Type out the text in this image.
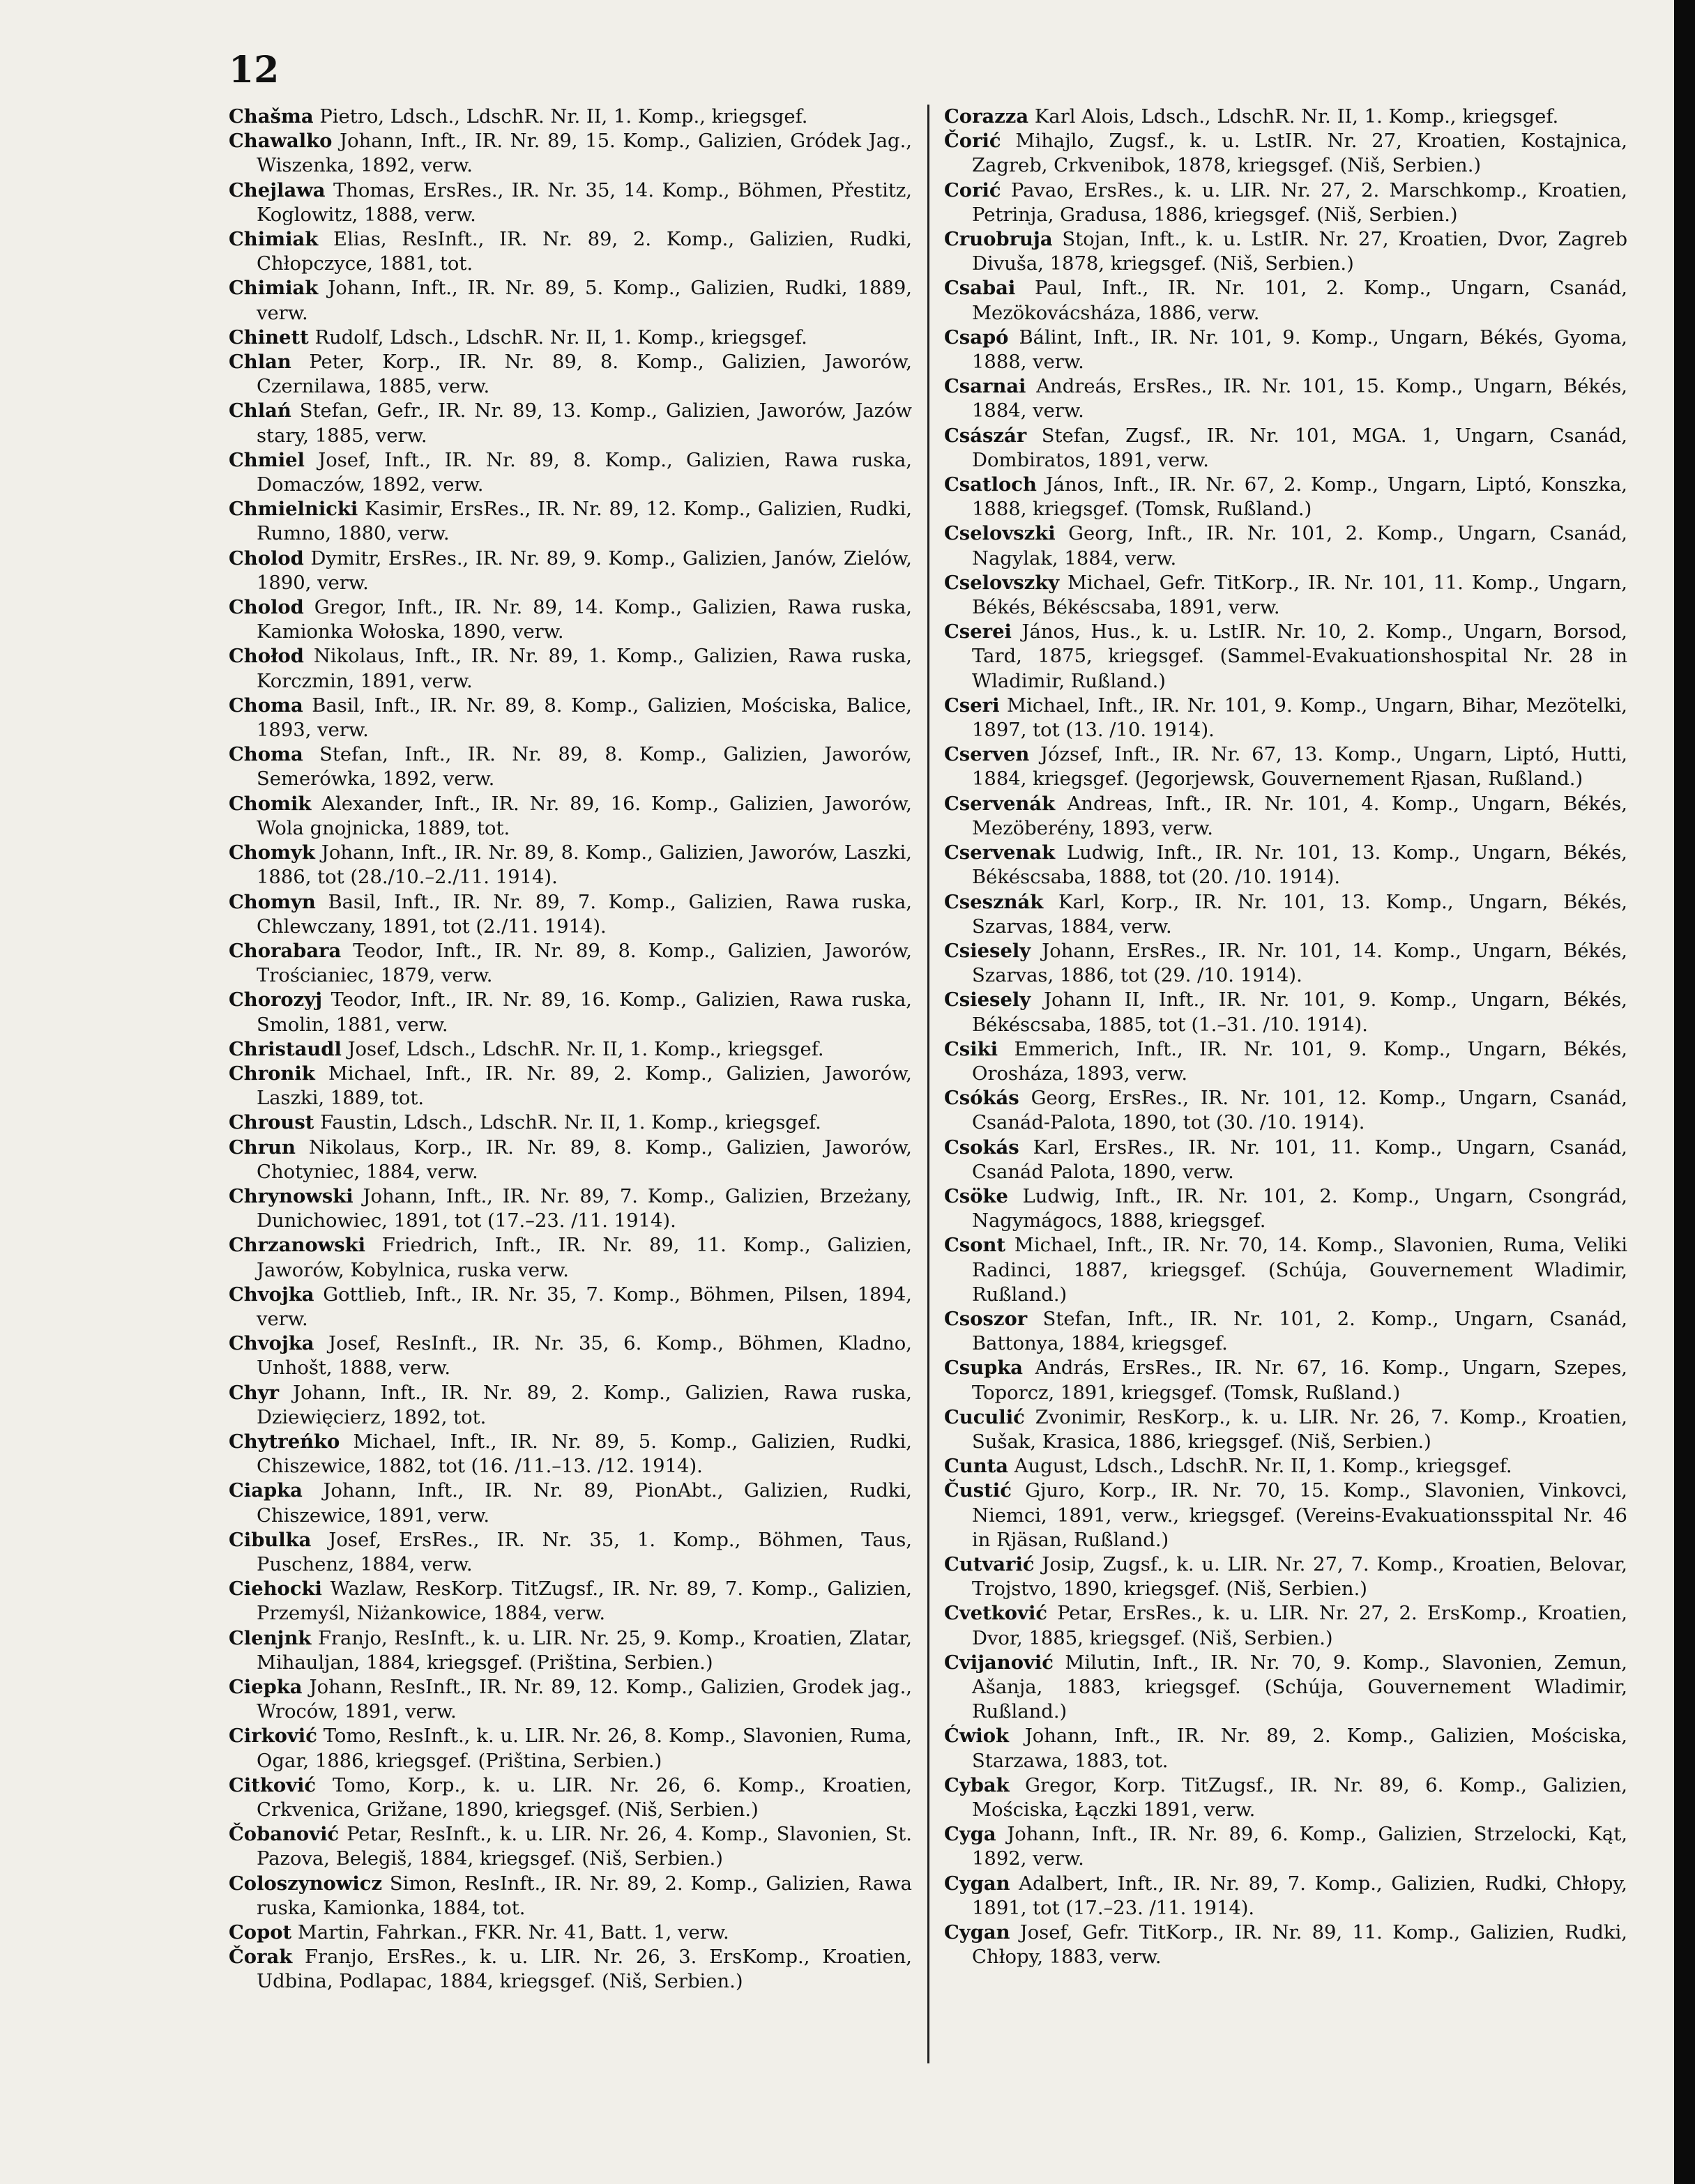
12
Chašma Pietro, Ldsch., LdschR. Nr. II, 1. Komp., kriegsgef.
Chawalko Johann, Inft., IR. Nr. 89, 15. Komp., Galizien, Gródek Jag., Wiszenka, 1892, verw.
Chejlawa Thomas, ErsRes., IR. Nr. 35, 14. Komp., Böhmen, Přestitz, Koglowitz, 1888, verw.
Chimiak Elias, ResInft., IR. Nr. 89, 2. Komp., Galizien, Rudki, Chłopczyce, 1881, tot.
Chimiak Johann, Inft., IR. Nr. 89, 5. Komp., Galizien, Rudki, 1889, verw.
Chinett Rudolf, Ldsch., LdschR. Nr. II, 1. Komp., kriegsgef.
Chlan Peter, Korp., IR. Nr. 89, 8. Komp., Galizien, Jaworów, Czernilawa, 1885, verw.
Chlań Stefan, Gefr., IR. Nr. 89, 13. Komp., Galizien, Jaworów, Jazów stary, 1885, verw.
Chmiel Josef, Inft., IR. Nr. 89, 8. Komp., Galizien, Rawa ruska, Domaczów, 1892, verw.
Chmielnicki Kasimir, ErsRes., IR. Nr. 89, 12. Komp., Galizien, Rudki, Rumno, 1880, verw.
Cholod Dymitr, ErsRes., IR. Nr. 89, 9. Komp., Galizien, Janów, Zielów, 1890, verw.
Cholod Gregor, Inft., IR. Nr. 89, 14. Komp., Galizien, Rawa ruska, Kamionka Wołoska, 1890, verw.
Chołod Nikolaus, Inft., IR. Nr. 89, 1. Komp., Galizien, Rawa ruska, Korczmin, 1891, verw.
Choma Basil, Inft., IR. Nr. 89, 8. Komp., Galizien, Mościska, Balice, 1893, verw.
Choma Stefan, Inft., IR. Nr. 89, 8. Komp., Galizien, Jaworów, Semerówka, 1892, verw.
Chomik Alexander, Inft., IR. Nr. 89, 16. Komp., Galizien, Jaworów, Wola gnojnicka, 1889, tot.
Chomyk Johann, Inft., IR. Nr. 89, 8. Komp., Galizien, Jaworów, Laszki, 1886, tot (28./10.–2./11. 1914).
Chomyn Basil, Inft., IR. Nr. 89, 7. Komp., Galizien, Rawa ruska, Chlewczany, 1891, tot (2./11. 1914).
Chorabara Teodor, Inft., IR. Nr. 89, 8. Komp., Galizien, Jaworów, Trościaniec, 1879, verw.
Chorozyj Teodor, Inft., IR. Nr. 89, 16. Komp., Galizien, Rawa ruska, Smolin, 1881, verw.
Christaudl Josef, Ldsch., LdschR. Nr. II, 1. Komp., kriegsgef.
Chronik Michael, Inft., IR. Nr. 89, 2. Komp., Galizien, Jaworów, Laszki, 1889, tot.
Chroust Faustin, Ldsch., LdschR. Nr. II, 1. Komp., kriegsgef.
Chrun Nikolaus, Korp., IR. Nr. 89, 8. Komp., Galizien, Jaworów, Chotyniec, 1884, verw.
Chrynowski Johann, Inft., IR. Nr. 89, 7. Komp., Galizien, Brzeżany, Dunichowiec, 1891, tot (17.–23. /11. 1914).
Chrzanowski Friedrich, Inft., IR. Nr. 89, 11. Komp., Galizien, Jaworów, Kobylnica, ruska verw.
Chvojka Gottlieb, Inft., IR. Nr. 35, 7. Komp., Böhmen, Pilsen, 1894, verw.
Chvojka Josef, ResInft., IR. Nr. 35, 6. Komp., Böhmen, Kladno, Unhošt, 1888, verw.
Chyr Johann, Inft., IR. Nr. 89, 2. Komp., Galizien, Rawa ruska, Dziewięcierz, 1892, tot.
Chytreńko Michael, Inft., IR. Nr. 89, 5. Komp., Galizien, Rudki, Chiszewice, 1882, tot (16. /11.–13. /12. 1914).
Ciapka Johann, Inft., IR. Nr. 89, PionAbt., Galizien, Rudki, Chiszewice, 1891, verw.
Cibulka Josef, ErsRes., IR. Nr. 35, 1. Komp., Böhmen, Taus, Puschenz, 1884, verw.
Ciehocki Wazlaw, ResKorp. TitZugsf., IR. Nr. 89, 7. Komp., Galizien, Przemyśl, Niżankowice, 1884, verw.
Clenjnk Franjo, ResInft., k. u. LIR. Nr. 25, 9. Komp., Kroatien, Zlatar, Mihauljan, 1884, kriegsgef. (Priština, Serbien.)
Ciepka Johann, ResInft., IR. Nr. 89, 12. Komp., Galizien, Grodek jag., Wroców, 1891, verw.
Cirković Tomo, ResInft., k. u. LIR. Nr. 26, 8. Komp., Slavonien, Ruma, Ogar, 1886, kriegsgef. (Priština, Serbien.)
Citković Tomo, Korp., k. u. LIR. Nr. 26, 6. Komp., Kroatien, Crkvenica, Grižane, 1890, kriegsgef. (Niš, Serbien.)
Čobanović Petar, ResInft., k. u. LIR. Nr. 26, 4. Komp., Slavonien, St. Pazova, Belegiš, 1884, kriegsgef. (Niš, Serbien.)
Coloszynowicz Simon, ResInft., IR. Nr. 89, 2. Komp., Galizien, Rawa ruska, Kamionka, 1884, tot.
Copot Martin, Fahrkan., FKR. Nr. 41, Batt. 1, verw.
Čorak Franjo, ErsRes., k. u. LIR. Nr. 26, 3. ErsKomp., Kroatien, Udbina, Podlapac, 1884, kriegsgef. (Niš, Serbien.)
Corazza Karl Alois, Ldsch., LdschR. Nr. II, 1. Komp., kriegsgef.
Čorić Mihajlo, Zugsf., k. u. LstIR. Nr. 27, Kroatien, Kostajnica, Zagreb, Crkvenibok, 1878, kriegsgef. (Niš, Serbien.)
Corić Pavao, ErsRes., k. u. LIR. Nr. 27, 2. Marschkomp., Kroatien, Petrinja, Gradusa, 1886, kriegsgef. (Niš, Serbien.)
Cruobruja Stojan, Inft., k. u. LstIR. Nr. 27, Kroatien, Dvor, Zagreb Divuša, 1878, kriegsgef. (Niš, Serbien.)
Csabai Paul, Inft., IR. Nr. 101, 2. Komp., Ungarn, Csanád, Mezökovácsháza, 1886, verw.
Csapó Bálint, Inft., IR. Nr. 101, 9. Komp., Ungarn, Békés, Gyoma, 1888, verw.
Csarnai Andreás, ErsRes., IR. Nr. 101, 15. Komp., Ungarn, Békés, 1884, verw.
Császár Stefan, Zugsf., IR. Nr. 101, MGA. 1, Ungarn, Csanád, Dombiratos, 1891, verw.
Csatloch János, Inft., IR. Nr. 67, 2. Komp., Ungarn, Liptó, Konszka, 1888, kriegsgef. (Tomsk, Rußland.)
Cselovszki Georg, Inft., IR. Nr. 101, 2. Komp., Ungarn, Csanád, Nagylak, 1884, verw.
Cselovszky Michael, Gefr. TitKorp., IR. Nr. 101, 11. Komp., Ungarn, Békés, Békéscsaba, 1891, verw.
Cserei János, Hus., k. u. LstIR. Nr. 10, 2. Komp., Ungarn, Borsod, Tard, 1875, kriegsgef. (Sammel-Evakuationshospital Nr. 28 in Wladimir, Rußland.)
Cseri Michael, Inft., IR. Nr. 101, 9. Komp., Ungarn, Bihar, Mezötelki, 1897, tot (13. /10. 1914).
Cserven József, Inft., IR. Nr. 67, 13. Komp., Ungarn, Liptó, Hutti, 1884, kriegsgef. (Jegorjewsk, Gouvernement Rjasan, Rußland.)
Cservenák Andreas, Inft., IR. Nr. 101, 4. Komp., Ungarn, Békés, Mezöberény, 1893, verw.
Cservenak Ludwig, Inft., IR. Nr. 101, 13. Komp., Ungarn, Békés, Békéscsaba, 1888, tot (20. /10. 1914).
Csesznák Karl, Korp., IR. Nr. 101, 13. Komp., Ungarn, Békés, Szarvas, 1884, verw.
Csiesely Johann, ErsRes., IR. Nr. 101, 14. Komp., Ungarn, Békés, Szarvas, 1886, tot (29. /10. 1914).
Csiesely Johann II, Inft., IR. Nr. 101, 9. Komp., Ungarn, Békés, Békéscsaba, 1885, tot (1.–31. /10. 1914).
Csiki Emmerich, Inft., IR. Nr. 101, 9. Komp., Ungarn, Békés, Orosháza, 1893, verw.
Csókás Georg, ErsRes., IR. Nr. 101, 12. Komp., Ungarn, Csanád, Csanád-Palota, 1890, tot (30. /10. 1914).
Csokás Karl, ErsRes., IR. Nr. 101, 11. Komp., Ungarn, Csanád, Csanád Palota, 1890, verw.
Csöke Ludwig, Inft., IR. Nr. 101, 2. Komp., Ungarn, Csongrád, Nagymágocs, 1888, kriegsgef.
Csont Michael, Inft., IR. Nr. 70, 14. Komp., Slavonien, Ruma, Veliki Radinci, 1887, kriegsgef. (Schúja, Gouvernement Wladimir, Rußland.)
Csoszor Stefan, Inft., IR. Nr. 101, 2. Komp., Ungarn, Csanád, Battonya, 1884, kriegsgef.
Csupka András, ErsRes., IR. Nr. 67, 16. Komp., Ungarn, Szepes, Toporcz, 1891, kriegsgef. (Tomsk, Rußland.)
Cuculić Zvonimir, ResKorp., k. u. LIR. Nr. 26, 7. Komp., Kroatien, Sušak, Krasica, 1886, kriegsgef. (Niš, Serbien.)
Cunta August, Ldsch., LdschR. Nr. II, 1. Komp., kriegsgef.
Čustić Gjuro, Korp., IR. Nr. 70, 15. Komp., Slavonien, Vinkovci, Niemci, 1891, verw., kriegsgef. (Vereins-Evakuationsspital Nr. 46 in Rjäsan, Rußland.)
Cutvarić Josip, Zugsf., k. u. LIR. Nr. 27, 7. Komp., Kroatien, Belovar, Trojstvo, 1890, kriegsgef. (Niš, Serbien.)
Cvetković Petar, ErsRes., k. u. LIR. Nr. 27, 2. ErsKomp., Kroatien, Dvor, 1885, kriegsgef. (Niš, Serbien.)
Cvijanović Milutin, Inft., IR. Nr. 70, 9. Komp., Slavonien, Zemun, Ašanja, 1883, kriegsgef. (Schúja, Gouvernement Wladimir, Rußland.)
Ćwiok Johann, Inft., IR. Nr. 89, 2. Komp., Galizien, Mościska, Starzawa, 1883, tot.
Cybak Gregor, Korp. TitZugsf., IR. Nr. 89, 6. Komp., Galizien, Mościska, Łączki 1891, verw.
Cyga Johann, Inft., IR. Nr. 89, 6. Komp., Galizien, Strzelocki, Kąt, 1892, verw.
Cygan Adalbert, Inft., IR. Nr. 89, 7. Komp., Galizien, Rudki, Chłopy, 1891, tot (17.–23. /11. 1914).
Cygan Josef, Gefr. TitKorp., IR. Nr. 89, 11. Komp., Galizien, Rudki, Chłopy, 1883, verw.
